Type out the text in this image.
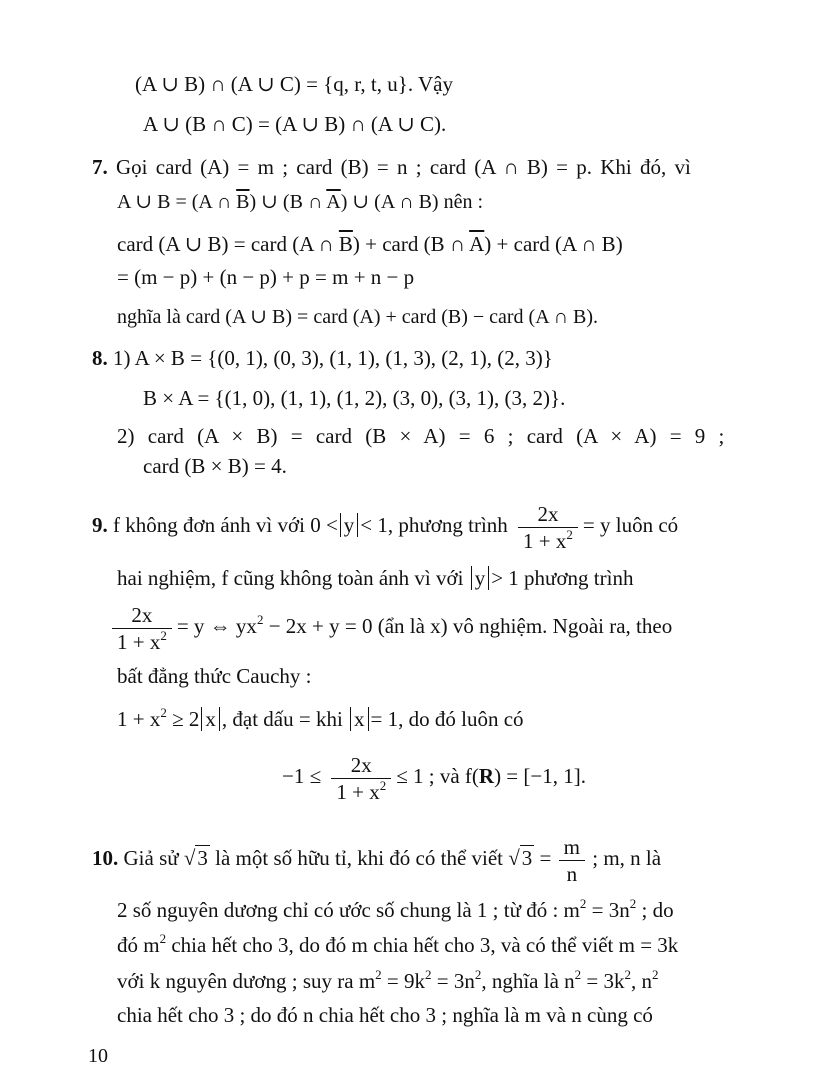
(A ∪ B) ∩ (A ∪ C) = {q, r, t, u}. Vậy
A ∪ (B ∩ C) = (A ∪ B) ∩ (A ∪ C).
7. Gọi card (A) = m ; card (B) = n ; card (A ∩ B) = p. Khi đó, vì
A ∪ B = (A ∩ $\overline{B}$) ∪ (B ∩ $\overline{A}$) ∪ (A ∩ B) nên :
card (A ∪ B) = card (A ∩ $\overline{B}$) + card (B ∩ $\overline{A}$) + card (A ∩ B)
= (m − p) + (n − p) + p = m + n − p
nghĩa là card (A ∪ B) = card (A) + card (B) − card (A ∩ B).
8. 1) A × B = {(0, 1), (0, 3), (1, 1), (1, 3), (2, 1), (2, 3)}
B × A = {(1, 0), (1, 1), (1, 2), (3, 0), (3, 1), (3, 2)}.
2) card (A × B) = card (B × A) = 6 ; card (A × A) = 9 ;
card (B × B) = 4.
9. f không đơn ánh vì với 0 < y < 1, phương trình $\frac{2x}{1 + x^2} = y$ luôn có
hai nghiệm, f cũng không toàn ánh vì với y > 1 phương trình
$\frac{2x}{1 + x^2} = y$ ⇔ $yx^2 - 2x + y = 0$ (ẩn là x) vô nghiệm. Ngoài ra, theo
bất đẳng thức Cauchy :
$1 + x^2 \ge 2$ x , đạt dấu = khi x = 1, do đó luôn có
$-1 \le \frac{2x}{1 + x^2} \le 1$ ; và f(R) = [−1, 1].
10. Giả sử √3 là một số hữu tỉ, khi đó có thể viết $√3 = \frac{m}{n}$ ; m, n là
2 số nguyên dương chỉ có ước số chung là 1 ; từ đó : $m^2 = 3n^2$ ; do
đó $m^2$ chia hết cho 3, do đó m chia hết cho 3, và có thể viết m = 3k
với k nguyên dương ; suy ra $m^2 = 9k^2 = 3n^2$, nghĩa là $n^2 = 3k^2$, $n^2$
chia hết cho 3 ; do đó n chia hết cho 3 ; nghĩa là m và n cùng có
10
